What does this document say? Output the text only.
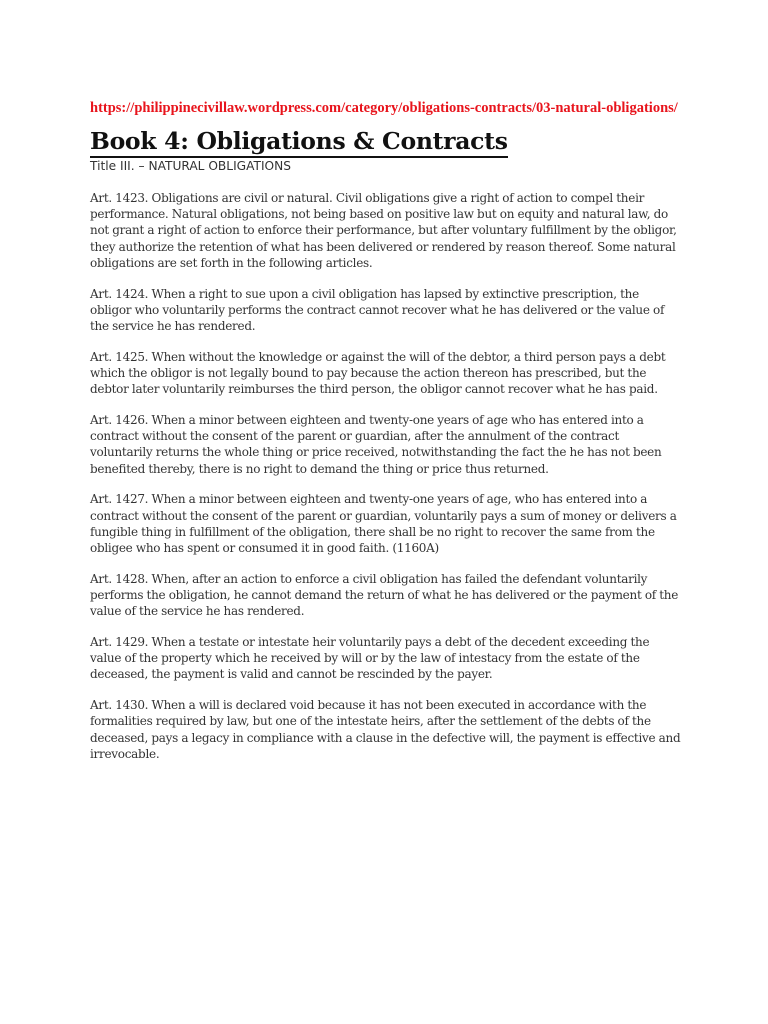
https://philippinecivillaw.wordpress.com/category/obligations-contracts/03-natural-obligations/
Book 4: Obligations & Contracts

Title III. – NATURAL OBLIGATIONS

Art. 1423. Obligations are civil or natural. Civil obligations give a right of action to compel their performance. Natural obligations, not being based on positive law but on equity and natural law, do not grant a right of action to enforce their performance, but after voluntary fulfillment by the obligor, they authorize the retention of what has been delivered or rendered by reason thereof. Some natural obligations are set forth in the following articles.

Art. 1424. When a right to sue upon a civil obligation has lapsed by extinctive prescription, the obligor who voluntarily performs the contract cannot recover what he has delivered or the value of the service he has rendered.

Art. 1425. When without the knowledge or against the will of the debtor, a third person pays a debt which the obligor is not legally bound to pay because the action thereon has prescribed, but the debtor later voluntarily reimburses the third person, the obligor cannot recover what he has paid.

Art. 1426. When a minor between eighteen and twenty-one years of age who has entered into a contract without the consent of the parent or guardian, after the annulment of the contract voluntarily returns the whole thing or price received, notwithstanding the fact the he has not been benefited thereby, there is no right to demand the thing or price thus returned.

Art. 1427. When a minor between eighteen and twenty-one years of age, who has entered into a contract without the consent of the parent or guardian, voluntarily pays a sum of money or delivers a fungible thing in fulfillment of the obligation, there shall be no right to recover the same from the obligee who has spent or consumed it in good faith. (1160A)

Art. 1428. When, after an action to enforce a civil obligation has failed the defendant voluntarily performs the obligation, he cannot demand the return of what he has delivered or the payment of the value of the service he has rendered.

Art. 1429. When a testate or intestate heir voluntarily pays a debt of the decedent exceeding the value of the property which he received by will or by the law of intestacy from the estate of the deceased, the payment is valid and cannot be rescinded by the payer.

Art. 1430. When a will is declared void because it has not been executed in accordance with the formalities required by law, but one of the intestate heirs, after the settlement of the debts of the deceased, pays a legacy in compliance with a clause in the defective will, the payment is effective and irrevocable.
